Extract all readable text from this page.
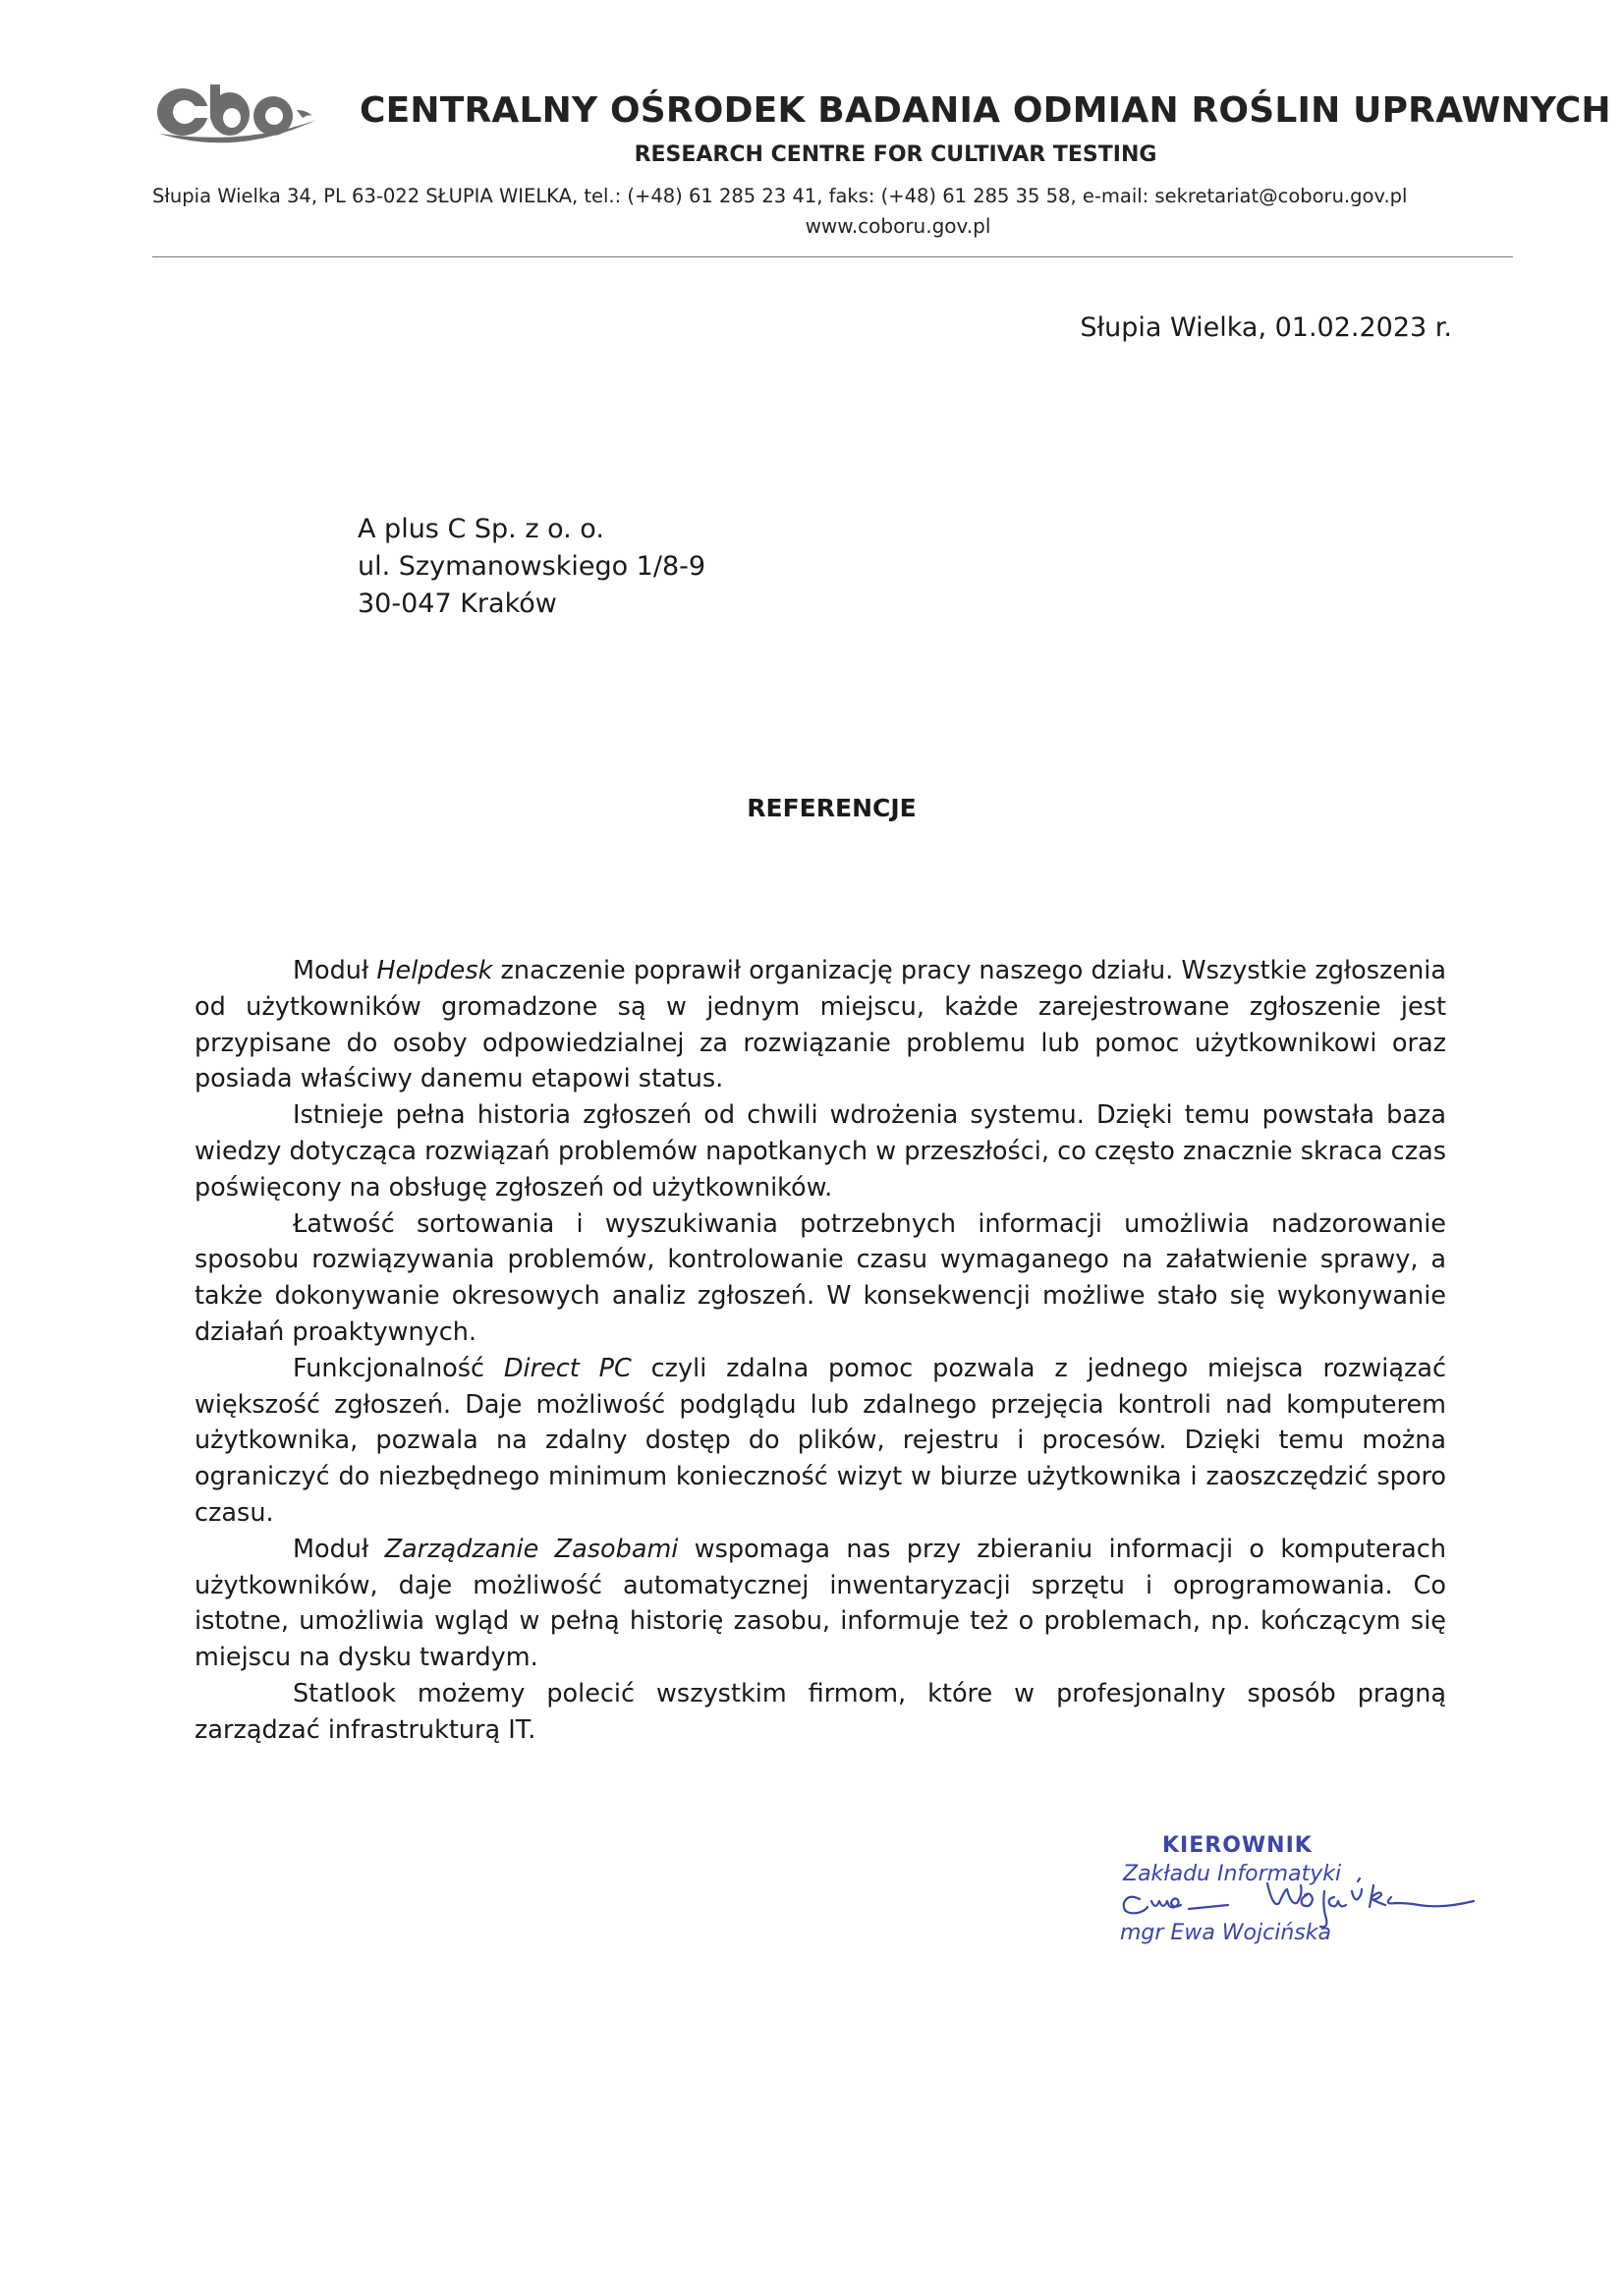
CENTRALNY OŚRODEK BADANIA ODMIAN ROŚLIN UPRAWNYCH
RESEARCH CENTRE FOR CULTIVAR TESTING
Słupia Wielka 34, PL 63-022 SŁUPIA WIELKA, tel.: (+48) 61 285 23 41, faks: (+48) 61 285 35 58, e-mail: sekretariat@coboru.gov.pl
www.coboru.gov.pl
Słupia Wielka, 01.02.2023 r.
A plus C Sp. z o. o.
ul. Szymanowskiego 1/8-9
30-047 Kraków
REFERENCJE

Moduł Helpdesk znaczenie poprawił organizację pracy naszego działu. Wszystkie zgłoszenia od użytkowników gromadzone są w jednym miejscu, każde zarejestrowane zgłoszenie jest przypisane do osoby odpowiedzialnej za rozwiązanie problemu lub pomoc użytkownikowi oraz posiada właściwy danemu etapowi status.

Istnieje pełna historia zgłoszeń od chwili wdrożenia systemu. Dzięki temu powstała baza wiedzy dotycząca rozwiązań problemów napotkanych w przeszłości, co często znacznie skraca czas poświęcony na obsługę zgłoszeń od użytkowników.

Łatwość sortowania i wyszukiwania potrzebnych informacji umożliwia nadzorowanie sposobu rozwiązywania problemów, kontrolowanie czasu wymaganego na załatwienie sprawy, a także dokonywanie okresowych analiz zgłoszeń. W konsekwencji możliwe stało się wykonywanie działań proaktywnych.

Funkcjonalność Direct PC czyli zdalna pomoc pozwala z jednego miejsca rozwiązać większość zgłoszeń. Daje możliwość podglądu lub zdalnego przejęcia kontroli nad komputerem użytkownika, pozwala na zdalny dostęp do plików, rejestru i procesów. Dzięki temu można ograniczyć do niezbędnego minimum konieczność wizyt w biurze użytkownika i zaoszczędzić sporo czasu.

Moduł Zarządzanie Zasobami wspomaga nas przy zbieraniu informacji o komputerach użytkowników, daje możliwość automatycznej inwentaryzacji sprzętu i oprogramowania. Co istotne, umożliwia wgląd w pełną historię zasobu, informuje też o problemach, np. kończącym się miejscu na dysku twardym.

Statlook możemy polecić wszystkim firmom, które w profesjonalny sposób pragną zarządzać infrastrukturą IT.

KIEROWNIK
Zakładu Informatyki
mgr Ewa Wojcińska
